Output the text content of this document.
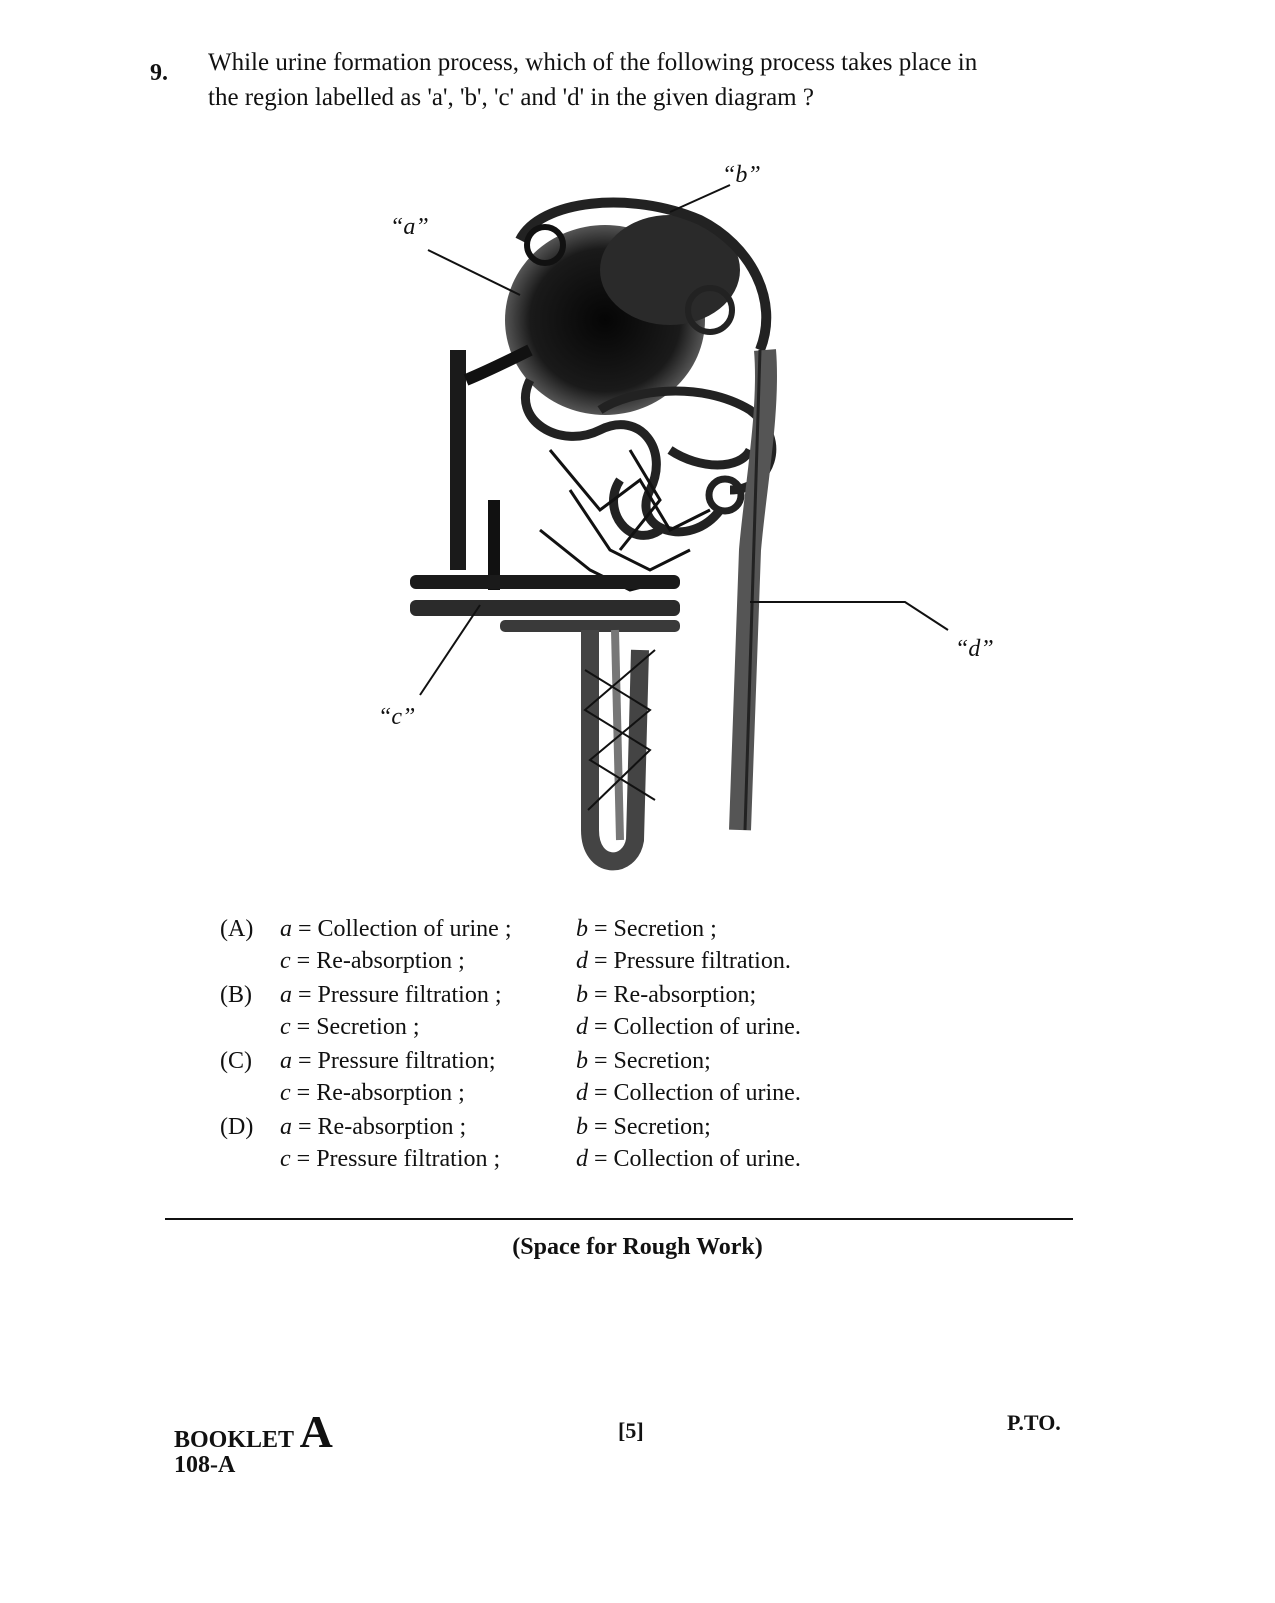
9. While urine formation process, which of the following process takes place in
the region labelled as 'a', 'b', 'c' and 'd' in the given diagram ?
“a”
“b”
“c”
“d”
(A) a = Collection of urine ;	b = Secretion ;
c = Re-absorption ;	d = Pressure filtration.
(B) a = Pressure filtration ;	b = Re-absorption;
c = Secretion ;	d = Collection of urine.
(C) a = Pressure filtration;	b = Secretion;
c = Re-absorption ;	d = Collection of urine.
(D) a = Re-absorption ;	b = Secretion;
c = Pressure filtration ;	d = Collection of urine.
(Space for Rough Work)
BOOKLET A
108-A
[5]	P.TO.
